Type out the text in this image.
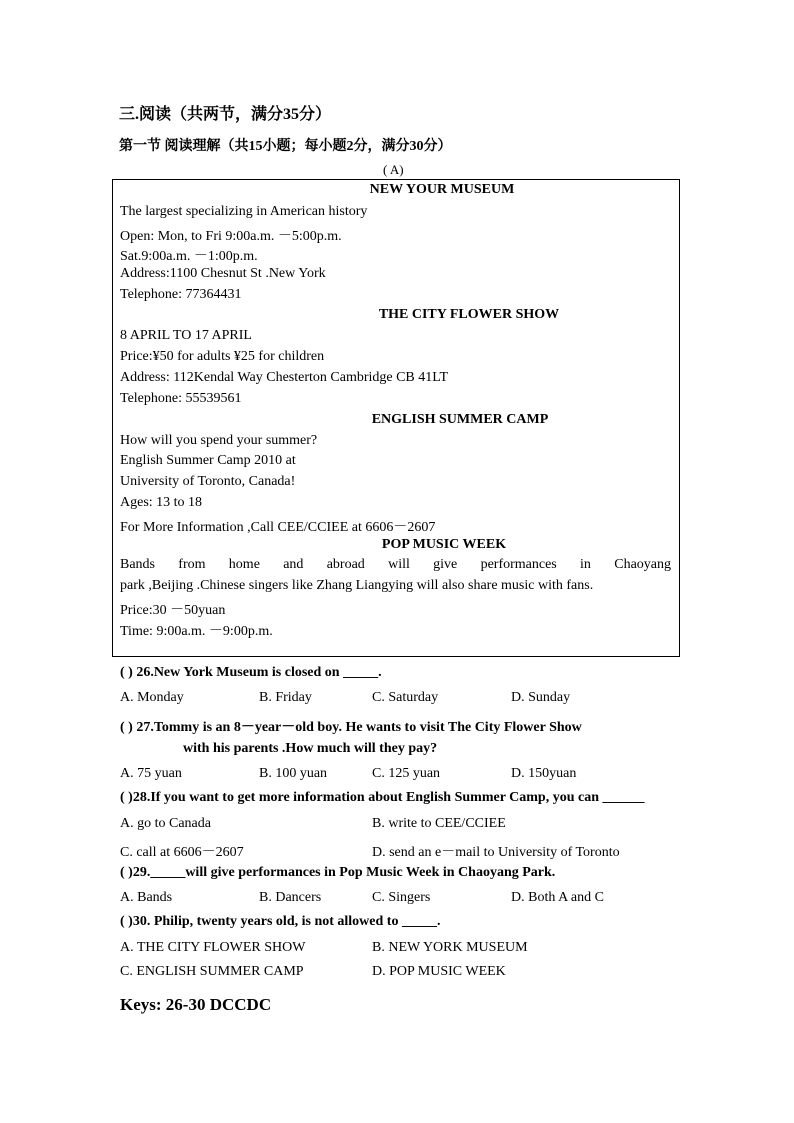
三.阅读（共两节，满分35分）
第一节 阅读理解（共15小题；每小题2分，满分30分）
( A)
NEW YOUR MUSEUM
The largest specializing in American history
Open: Mon, to Fri 9:00a.m. －5:00p.m.
Sat.9:00a.m. －1:00p.m.
Address:1100 Chesnut St .New York
Telephone: 77364431
THE CITY FLOWER SHOW
8 APRIL TO 17 APRIL
Price:¥50 for adults ¥25 for children
Address: 112Kendal Way Chesterton Cambridge CB 41LT
Telephone: 55539561
ENGLISH SUMMER CAMP
How will you spend your summer?
English Summer Camp 2010 at
University of Toronto, Canada!
Ages: 13 to 18
For More Information ,Call CEE/CCIEE at 6606－2607
POP MUSIC WEEK
Bands from home and abroad will give performances in Chaoyang
park ,Beijing .Chinese singers like Zhang Liangying will also share music with fans.
Price:30 －50yuan
Time: 9:00a.m. －9:00p.m.
( ) 26.New York Museum is closed on _____.
A. Monday	B. Friday	C. Saturday	D. Sunday
( ) 27.Tommy is an 8－year－old boy. He wants to visit The City Flower Show
with his parents .How much will they pay?
A. 75 yuan	B. 100 yuan	C. 125 yuan	D. 150yuan
( )28.If you want to get more information about English Summer Camp, you can ______
A. go to Canada	B. write to CEE/CCIEE
C. call at 6606－2607	D. send an e－mail to University of Toronto
( )29._____will give performances in Pop Music Week in Chaoyang Park.
A. Bands	B. Dancers	C. Singers	D. Both A and C
( )30. Philip, twenty years old, is not allowed to _____.
A. THE CITY FLOWER SHOW	B. NEW YORK MUSEUM
C. ENGLISH SUMMER CAMP	D. POP MUSIC WEEK
Keys: 26-30 DCCDC
